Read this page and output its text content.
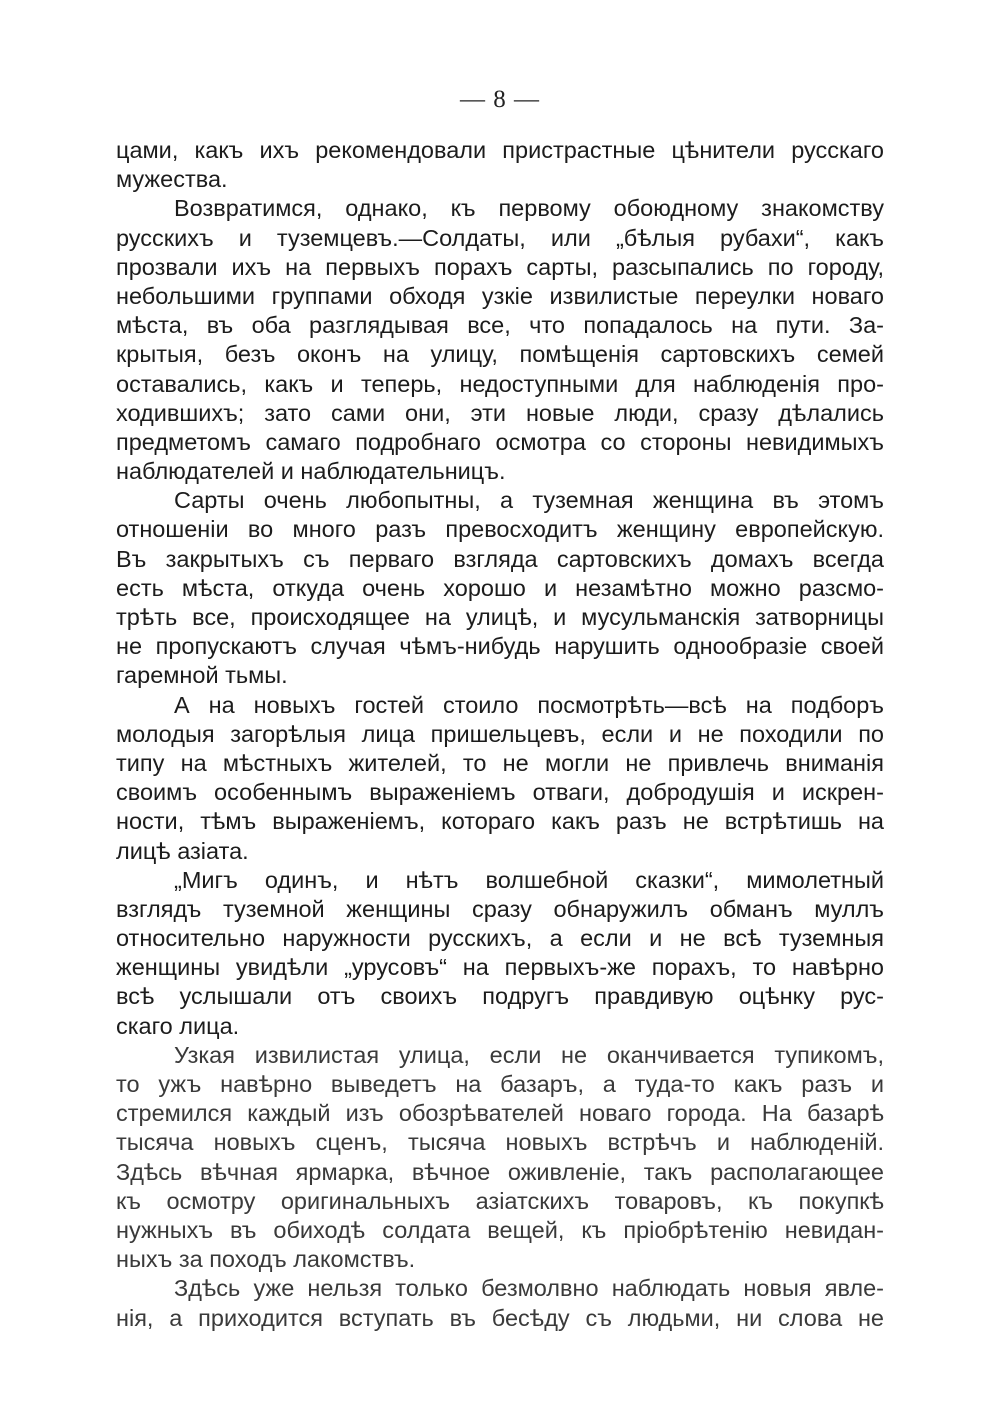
— 8 —
цами, какъ ихъ рекомендовали пристрастные цѣнители русскаго
мужества.
Возвратимся, однако, къ первому обоюдному знакомству
русскихъ и туземцевъ.—Солдаты, или „бѣлыя рубахи“, какъ
прозвали ихъ на первыхъ порахъ сарты, разсыпались по городу,
небольшими группами обходя узкіе извилистые переулки новаго
мѣста, въ оба разглядывая все, что попадалось на пути. За-
крытыя, безъ оконъ на улицу, помѣщенія сартовскихъ семей
оставались, какъ и теперь, недоступными для наблюденія про-
ходившихъ; зато сами они, эти новые люди, сразу дѣлались
предметомъ самаго подробнаго осмотра со стороны невидимыхъ
наблюдателей и наблюдательницъ.
Сарты очень любопытны, а туземная женщина въ этомъ
отношеніи во много разъ превосходитъ женщину европейскую.
Въ закрытыхъ съ перваго взгляда сартовскихъ домахъ всегда
есть мѣста, откуда очень хорошо и незамѣтно можно разсмо-
трѣть все, происходящее на улицѣ, и мусульманскія затворницы
не пропускаютъ случая чѣмъ-нибудь нарушить однообразіе своей
гаремной тьмы.
А на новыхъ гостей стоило посмотрѣть—всѣ на подборъ
молодыя загорѣлыя лица пришельцевъ, если и не походили по
типу на мѣстныхъ жителей, то не могли не привлечь вниманія
своимъ особеннымъ выраженіемъ отваги, добродушія и искрен-
ности, тѣмъ выраженіемъ, котораго какъ разъ не встрѣтишь на
лицѣ азіата.
„Мигъ одинъ, и нѣтъ волшебной сказки“, мимолетный
взглядъ туземной женщины сразу обнаружилъ обманъ муллъ
относительно наружности русскихъ, а если и не всѣ туземныя
женщины увидѣли „урусовъ“ на первыхъ-же порахъ, то навѣрно
всѣ услышали отъ своихъ подругъ правдивую оцѣнку рус-
скаго лица.
Узкая извилистая улица, если не оканчивается тупикомъ,
то ужъ навѣрно выведетъ на базаръ, а туда-то какъ разъ и
стремился каждый изъ обозрѣвателей новаго города. На базарѣ
тысяча новыхъ сценъ, тысяча новыхъ встрѣчъ и наблюденій.
Здѣсь вѣчная ярмарка, вѣчное оживленіе, такъ располагающее
къ осмотру оригинальныхъ азіатскихъ товаровъ, къ покупкѣ
нужныхъ въ обиходѣ солдата вещей, къ пріобрѣтенію невидан-
ныхъ за походъ лакомствъ.
Здѣсь уже нельзя только безмолвно наблюдать новыя явле-
нія, а приходится вступать въ бесѣду съ людьми, ни слова не
